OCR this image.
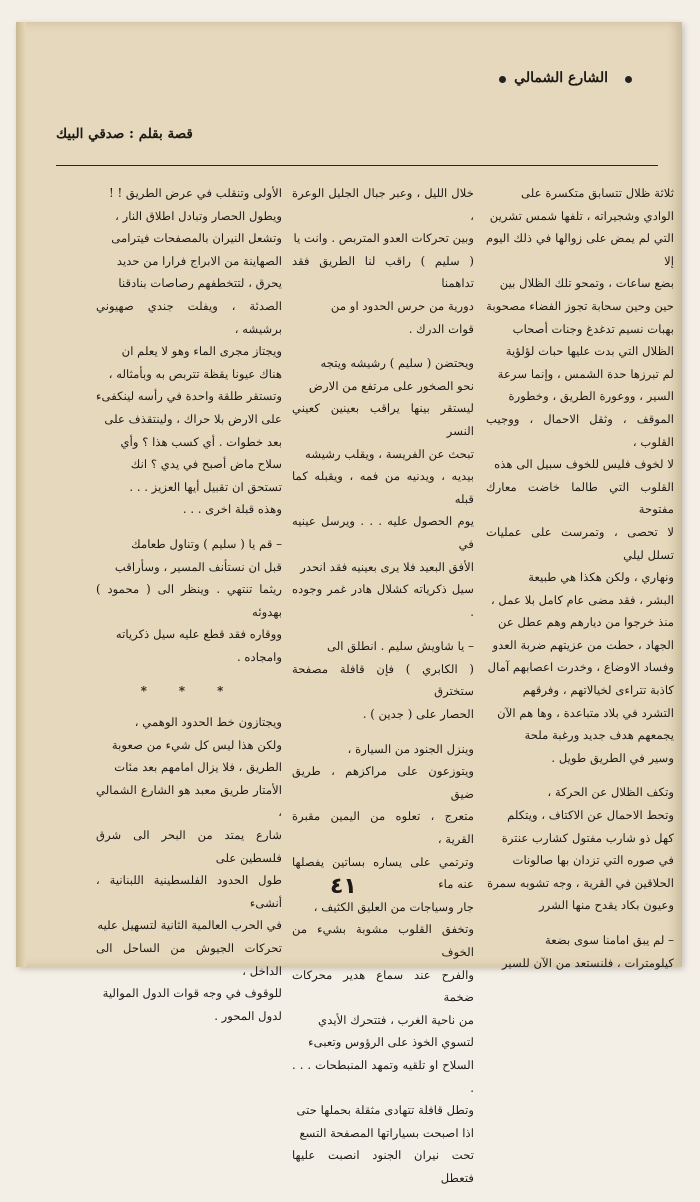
الشارع الشمالي
قصة بقلم : صدقي البيك

ثلاثة ظلال تتسابق متكسرة على
الوادي وشجيراته ، تلفها شمس تشرين
التي لم يمض على زوالها في ذلك اليوم إلا
بضع ساعات ، وتمحو تلك الظلال بين
حين وحين سحابة تجوز الفضاء مصحوبة
بهبات نسيم تدغدغ وجنات أصحاب
الظلال التي بدت عليها حبات لؤلؤية
لم تبرزها حدة الشمس ، وإنما سرعة
السير ، ووعورة الطريق ، وخطورة
الموقف ، وثقل الاحمال ، ووجيب القلوب ،
لا لخوف فليس للخوف سبيل الى هذه
القلوب التي طالما خاضت معارك مفتوحة
لا تحصى ، وتمرست على عمليات تسلل ليلي
ونهاري ، ولكن هكذا هي طبيعة
البشر ، فقد مضى عام كامل بلا عمل ،
منذ خرجوا من ديارهم وهم عطل عن
الجهاد ، حطت من عزيتهم ضربة العدو
وفساد الاوضاع ، وخدرت اعصابهم آمال
كاذبة تتراءى لخيالاتهم ، وفرقهم
التشرد في بلاد متباعدة ، وها هم الآن
يجمعهم هدف جديد ورغبة ملحة
وسير في الطريق طويل .

وتكف الظلال عن الحركة ،
وتحط الاحمال عن الاكتاف ، ويتكلم
كهل ذو شارب مفتول كشارب عنترة
في صوره التي تزدان بها صالونات
الحلاقين في القرية ، وجه تشوبه سمرة
وعيون بكاد يقدح منها الشرر

– لم يبق امامنا سوى بضعة
كيلومترات ، فلنستعد من الآن للسير

خلال الليل ، وعبر جبال الجليل الوعرة ،
وبين تحركات العدو المتربص . وانت يا
( سليم ) راقب لنا الطريق فقد تداهمنا
دورية من حرس الحدود او من
قوات الدرك .

ويحتضن ( سليم ) رشيشه ويتجه
نحو الصخور على مرتفع من الارض
ليستقر بينها يراقب بعينين كعيني النسر
تبحث عن الفريسة ، ويقلب رشيشه
بيديه ، ويدنيه من فمه ، ويقبله كما قبله
يوم الحصول عليه . . . ويرسل عينيه في
الأفق البعيد فلا يرى بعينيه فقد انحدر
سيل ذكرياته كشلال هادر غمر وجوده .

– يا شاويش سليم . انطلق الى
( الكابري ) فإن قافلة مصفحة ستخترق
الحصار على ( جدين ) .

وينزل الجنود من السيارة ،
ويتوزعون على مراكزهم ، طريق ضيق
متعرج ، تعلوه من اليمين مقبرة القرية ،
وترتمي على يساره بساتين يفصلها عنه ماء
جار وسياجات من العليق الكثيف ،
وتخفق القلوب مشوبة بشيء من الخوف
والفرح عند سماع هدير محركات ضخمة
من ناحية الغرب ، فتتحرك الأيدي
لتسوي الخوذ على الرؤوس وتعبىء
السلاح او تلقيه وتمهد المنبطحات . . . .
وتطل قافلة تتهادى مثقلة بحملها حتى
اذا اصبحت بسياراتها المصفحة التسع
تحت نيران الجنود انصبت عليها فتعطل

الأولى وتنقلب في عرض الطريق ! !
ويطول الحصار وتبادل اطلاق النار ،
وتشعل النيران بالمصفحات فيترامى
الصهاينة من الابراج فرارا من حديد
يحرق ، لتتخطفهم رصاصات بنادقنا
الصدئة ، ويفلت جندي صهيوني برشيشه ،
ويجتاز مجرى الماء وهو لا يعلم ان
هناك عيونا يقظة تتربص به وبأمثاله ،
وتستقر طلقة واحدة في رأسه لينكفىء
على الارض بلا حراك ، ولينتقذف على
بعد خطوات . أي كسب هذا ؟ وأي
سلاح ماض أصبح في يدي ؟ انك
تستحق ان تقبيل أيها العزيز . . .
وهذه قبلة اخرى . . .

– قم يا ( سليم ) وتناول طعامك
قبل ان نستأنف المسير ، وسأراقب
ريثما تنتهي . وينظر الى ( محمود ) بهدوئه
ووقاره فقد قطع عليه سيل ذكرياته
وامجاده .

* * *

ويجتازون خط الحدود الوهمي ،
ولكن هذا ليس كل شيء من صعوبة
الطريق ، فلا يزال امامهم بعد مئات
الأمتار طريق معبد هو الشارع الشمالي ،
شارع يمتد من البحر الى شرق فلسطين على
طول الحدود الفلسطينية اللبنانية ، أنشىء
في الحرب العالمية الثانية لتسهيل عليه
تحركات الجيوش من الساحل الى الداخل ،
للوقوف في وجه قوات الدول الموالية
لدول المحور .

٤١
